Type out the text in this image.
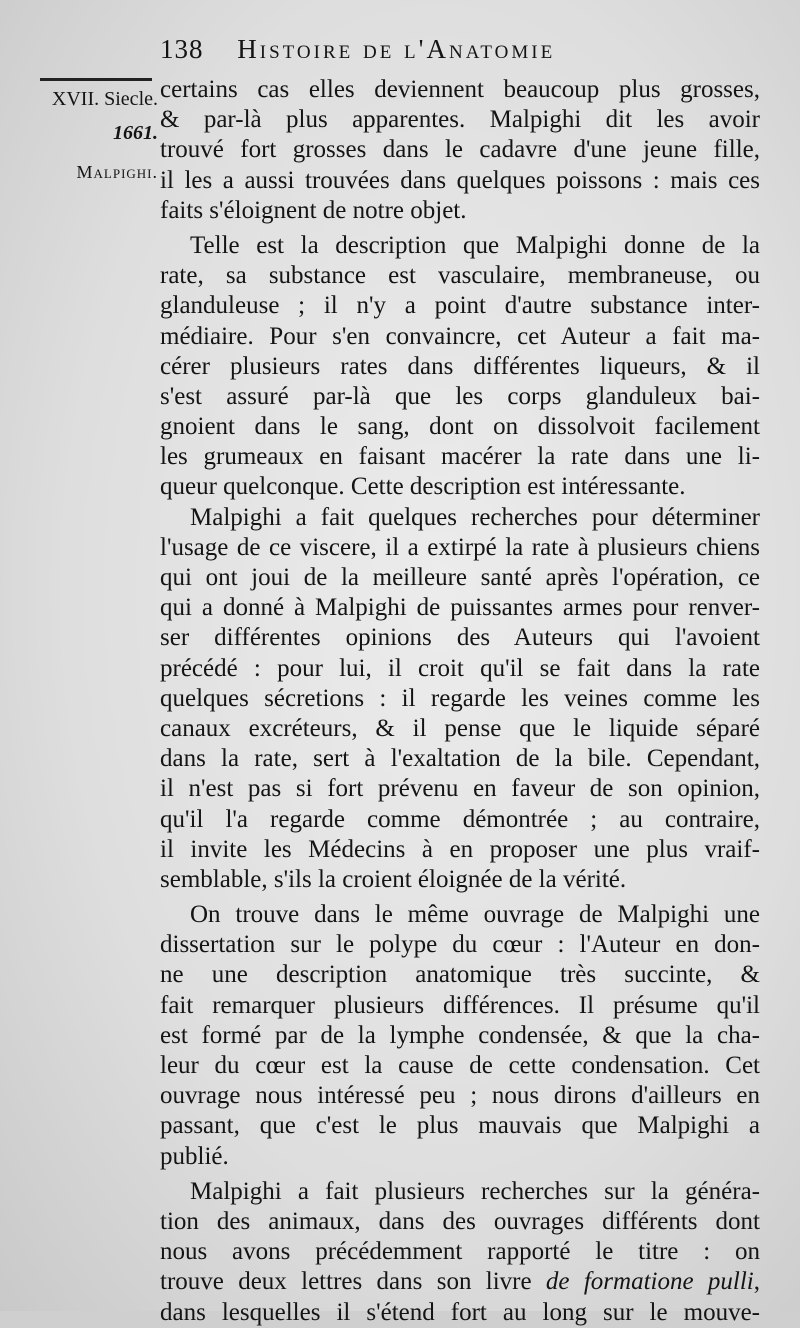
138 Histoire de l'Anatomie
XVII. Siecle.
1661.
Malpighi.
certains cas elles deviennent beaucoup plus grosses,
& par-là plus apparentes. Malpighi dit les avoir
trouvé fort grosses dans le cadavre d'une jeune fille,
il les a aussi trouvées dans quelques poissons : mais ces
faits s'éloignent de notre objet.
Telle est la description que Malpighi donne de la
rate, sa substance est vasculaire, membraneuse, ou
glanduleuse ; il n'y a point d'autre substance inter-
médiaire. Pour s'en convaincre, cet Auteur a fait ma-
cérer plusieurs rates dans différentes liqueurs, & il
s'est assuré par-là que les corps glanduleux bai-
gnoient dans le sang, dont on dissolvoit facilement
les grumeaux en faisant macérer la rate dans une li-
queur quelconque. Cette description est intéressante.
Malpighi a fait quelques recherches pour déterminer
l'usage de ce viscere, il a extirpé la rate à plusieurs chiens
qui ont joui de la meilleure santé après l'opération, ce
qui a donné à Malpighi de puissantes armes pour renver-
ser différentes opinions des Auteurs qui l'avoient
précédé : pour lui, il croit qu'il se fait dans la rate
quelques sécretions : il regarde les veines comme les
canaux excréteurs, & il pense que le liquide séparé
dans la rate, sert à l'exaltation de la bile. Cependant,
il n'est pas si fort prévenu en faveur de son opinion,
qu'il l'a regarde comme démontrée ; au contraire,
il invite les Médecins à en proposer une plus vraif-
semblable, s'ils la croient éloignée de la vérité.
On trouve dans le même ouvrage de Malpighi une
dissertation sur le polype du cœur : l'Auteur en don-
ne une description anatomique très succinte, &
fait remarquer plusieurs différences. Il présume qu'il
est formé par de la lymphe condensée, & que la cha-
leur du cœur est la cause de cette condensation. Cet
ouvrage nous intéressé peu ; nous dirons d'ailleurs en
passant, que c'est le plus mauvais que Malpighi a
publié.
Malpighi a fait plusieurs recherches sur la généra-
tion des animaux, dans des ouvrages différents dont
nous avons précédemment rapporté le titre : on
trouve deux lettres dans son livre de formatione pulli,
dans lesquelles il s'étend fort au long sur le mouve-
